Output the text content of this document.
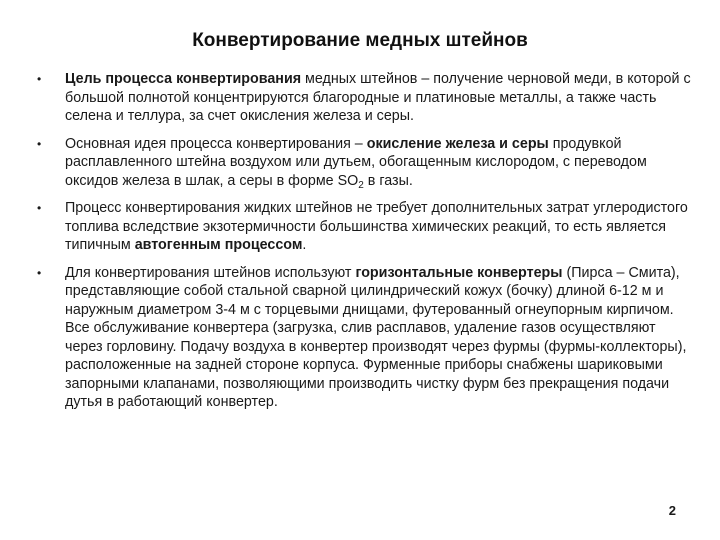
Конвертирование медных штейнов
• Цель процесса конвертирования медных штейнов – получение черновой меди, в которой с большой полнотой концентрируются благородные и платиновые металлы, а также часть селена и теллура, за счет окисления железа и серы.
• Основная идея процесса конвертирования – окисление железа и серы продувкой расплавленного штейна воздухом или дутьем, обогащенным кислородом, с переводом оксидов железа в шлак, а серы в форме $SO_2$ в газы.
• Процесс конвертирования жидких штейнов не требует дополнительных затрат углеродистого топлива вследствие экзотермичности большинства химических реакций, то есть является типичным автогенным процессом.
• Для конвертирования штейнов используют горизонтальные конвертеры (Пирса – Смита), представляющие собой стальной сварной цилиндрический кожух (бочку) длиной 6-12 м и наружным диаметром 3-4 м с торцевыми днищами, футерованный огнеупорным кирпичом. Все обслуживание конвертера (загрузка, слив расплавов, удаление газов осуществляют через горловину. Подачу воздуха в конвертер производят через фурмы (фурмы-коллекторы), расположенные на задней стороне корпуса. Фурменные приборы снабжены шариковыми запорными клапанами, позволяющими производить чистку фурм без прекращения подачи дутья в работающий конвертер.
2
